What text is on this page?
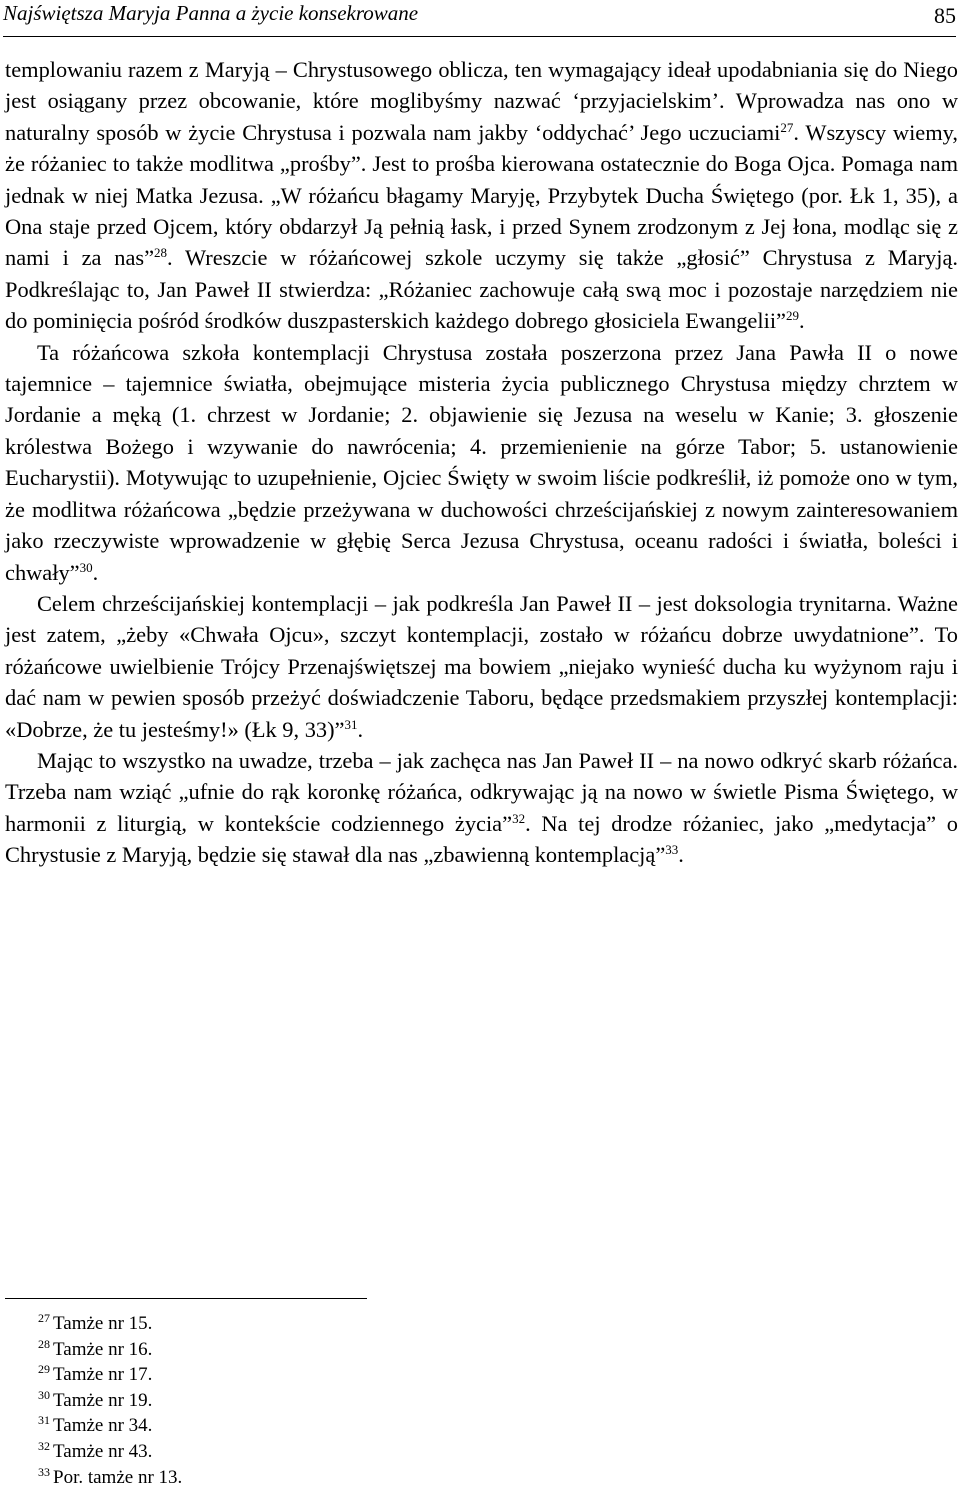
Najświętsza Maryja Panna a życie konsekrowane	85

templowaniu razem z Maryją – Chrystusowego oblicza, ten wymagający ideał upodabniania się do Niego jest osiągany przez obcowanie, które moglibyśmy nazwać ‘przyjacielskim’. Wprowadza nas ono w naturalny sposób w życie Chrystusa i pozwala nam jakby ‘oddychać’ Jego uczuciami$^{27}$. Wszyscy wiemy, że różaniec to także modlitwa „prośby”. Jest to prośba kierowana ostatecznie do Boga Ojca. Pomaga nam jednak w niej Matka Jezusa. „W różańcu błagamy Maryję, Przybytek Ducha Świętego (por. Łk 1, 35), a Ona staje przed Ojcem, który obdarzył Ją pełnią łask, i przed Synem zrodzonym z Jej łona, modląc się z nami i za nas”$^{28}$. Wreszcie w różańcowej szkole uczymy się także „głosić” Chrystusa z Maryją. Podkreślając to, Jan Paweł II stwierdza: „Różaniec zachowuje całą swą moc i pozostaje narzędziem nie do pominięcia pośród środków duszpasterskich każdego dobrego głosiciela Ewangelii”$^{29}$.

Ta różańcowa szkoła kontemplacji Chrystusa została poszerzona przez Jana Pawła II o nowe tajemnice – tajemnice światła, obejmujące misteria życia publicznego Chrystusa między chrztem w Jordanie a męką (1. chrzest w Jordanie; 2. objawienie się Jezusa na weselu w Kanie; 3. głoszenie królestwa Bożego i wzywanie do nawrócenia; 4. przemienienie na górze Tabor; 5. ustanowienie Eucharystii). Motywując to uzupełnienie, Ojciec Święty w swoim liście podkreślił, iż pomoże ono w tym, że modlitwa różańcowa „będzie przeżywana w duchowości chrześcijańskiej z nowym zainteresowaniem jako rzeczywiste wprowadzenie w głębię Serca Jezusa Chrystusa, oceanu radości i światła, boleści i chwały”$^{30}$.

Celem chrześcijańskiej kontemplacji – jak podkreśla Jan Paweł II – jest doksologia trynitarna. Ważne jest zatem, „żeby «Chwała Ojcu», szczyt kontemplacji, zostało w różańcu dobrze uwydatnione”. To różańcowe uwielbienie Trójcy Przenajświętszej ma bowiem „niejako wynieść ducha ku wyżynom raju i dać nam w pewien sposób przeżyć doświadczenie Taboru, będące przedsmakiem przyszłej kontemplacji: «Dobrze, że tu jesteśmy!» (Łk 9, 33)”$^{31}$.

Mając to wszystko na uwadze, trzeba – jak zachęca nas Jan Paweł II – na nowo odkryć skarb różańca. Trzeba nam wziąć „ufnie do rąk koronkę różańca, odkrywając ją na nowo w świetle Pisma Świętego, w harmonii z liturgią, w kontekście codziennego życia”$^{32}$. Na tej drodze różaniec, jako „medytacja” o Chrystusie z Maryją, będzie się stawał dla nas „zbawienną kontemplacją”$^{33}$.

$^{27}$ Tamże nr 15.
$^{28}$ Tamże nr 16.
$^{29}$ Tamże nr 17.
$^{30}$ Tamże nr 19.
$^{31}$ Tamże nr 34.
$^{32}$ Tamże nr 43.
$^{33}$ Por. tamże nr 13.
